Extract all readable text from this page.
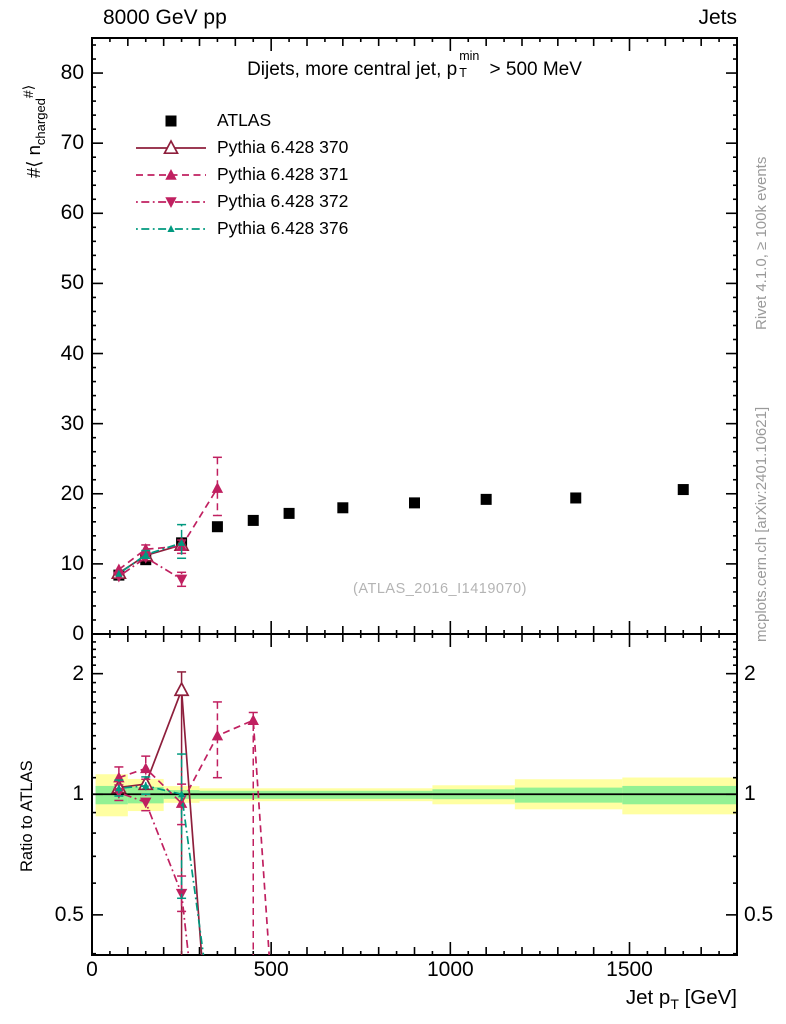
8000 GeV pp	Jets
Dijets, more central jet, p
min
T > 500 MeV
ATLAS
Pythia 6.428 370
Pythia 6.428 371
Pythia 6.428 372
Pythia 6.428 376
(ATLAS_2016_I1419070)
Rivet 4.1.0, ≥ 100k events
mcplots.cern.ch [arXiv:2401.10621]
#⟨ $n_{charged}^{\#⟩}$
Ratio to ATLAS
Jet $p_T$ [GeV]
0	500	1000	1500
0
10
20
30
40
50
60
70
80
0.5	0.5
1	1
2	2
